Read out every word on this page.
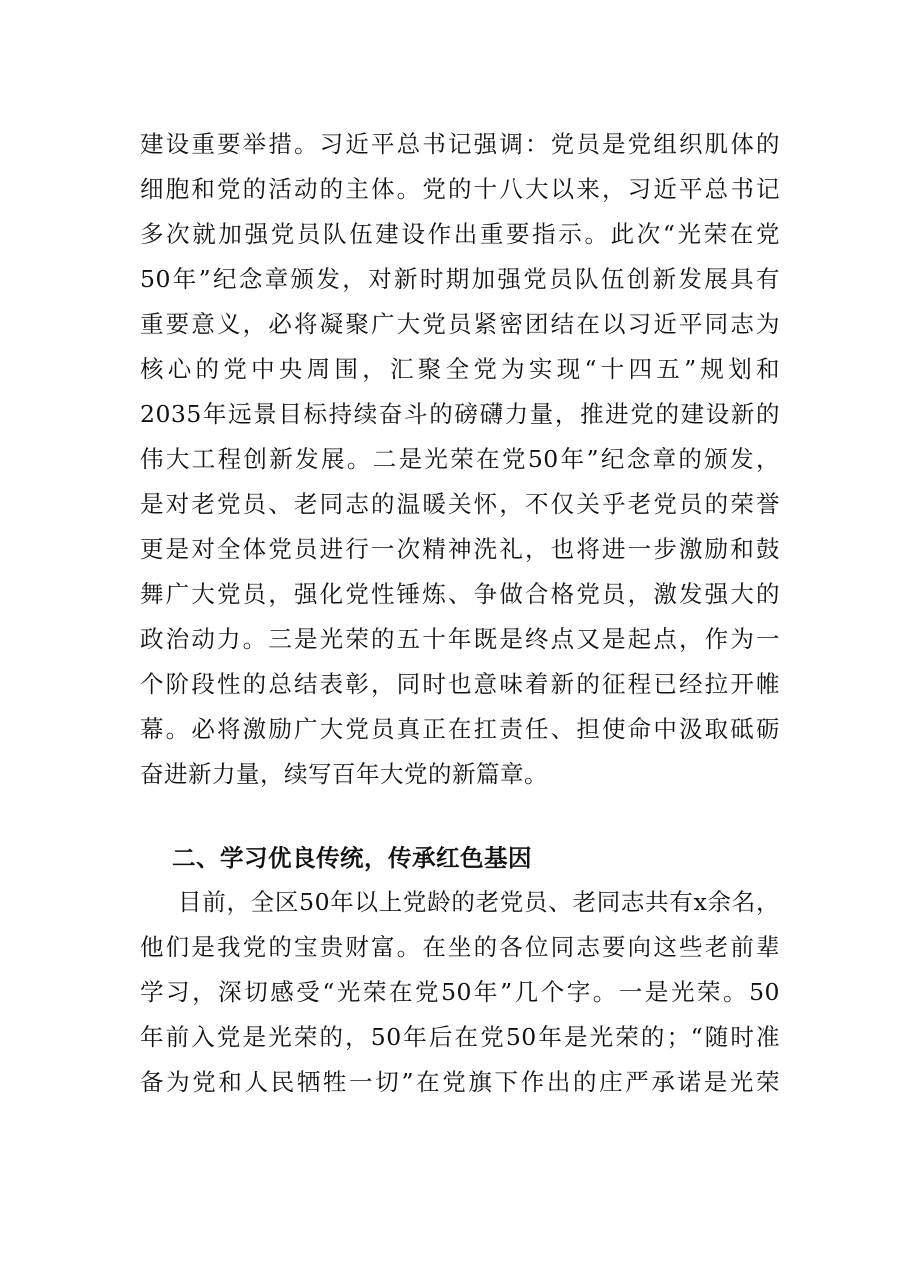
建设重要举措。习近平总书记强调：党员是党组织肌体的
细胞和党的活动的主体。党的十八大以来，习近平总书记
多次就加强党员队伍建设作出重要指示。此次“光荣在党
50年”纪念章颁发，对新时期加强党员队伍创新发展具有
重要意义，必将凝聚广大党员紧密团结在以习近平同志为
核心的党中央周围，汇聚全党为实现“十四五”规划和
2035年远景目标持续奋斗的磅礴力量，推进党的建设新的
伟大工程创新发展。二是光荣在党50年”纪念章的颁发，
是对老党员、老同志的温暖关怀，不仅关乎老党员的荣誉
更是对全体党员进行一次精神洗礼，也将进一步激励和鼓
舞广大党员，强化党性锤炼、争做合格党员，激发强大的
政治动力。三是光荣的五十年既是终点又是起点，作为一
个阶段性的总结表彰，同时也意味着新的征程已经拉开帷
幕。必将激励广大党员真正在扛责任、担使命中汲取砥砺
奋进新力量，续写百年大党的新篇章。
二、学习优良传统，传承红色基因
目前，全区50年以上党龄的老党员、老同志共有x余名，
他们是我党的宝贵财富。在坐的各位同志要向这些老前辈
学习，深切感受“光荣在党50年”几个字。一是光荣。50
年前入党是光荣的，50年后在党50年是光荣的；“随时准
备为党和人民牺牲一切”在党旗下作出的庄严承诺是光荣
